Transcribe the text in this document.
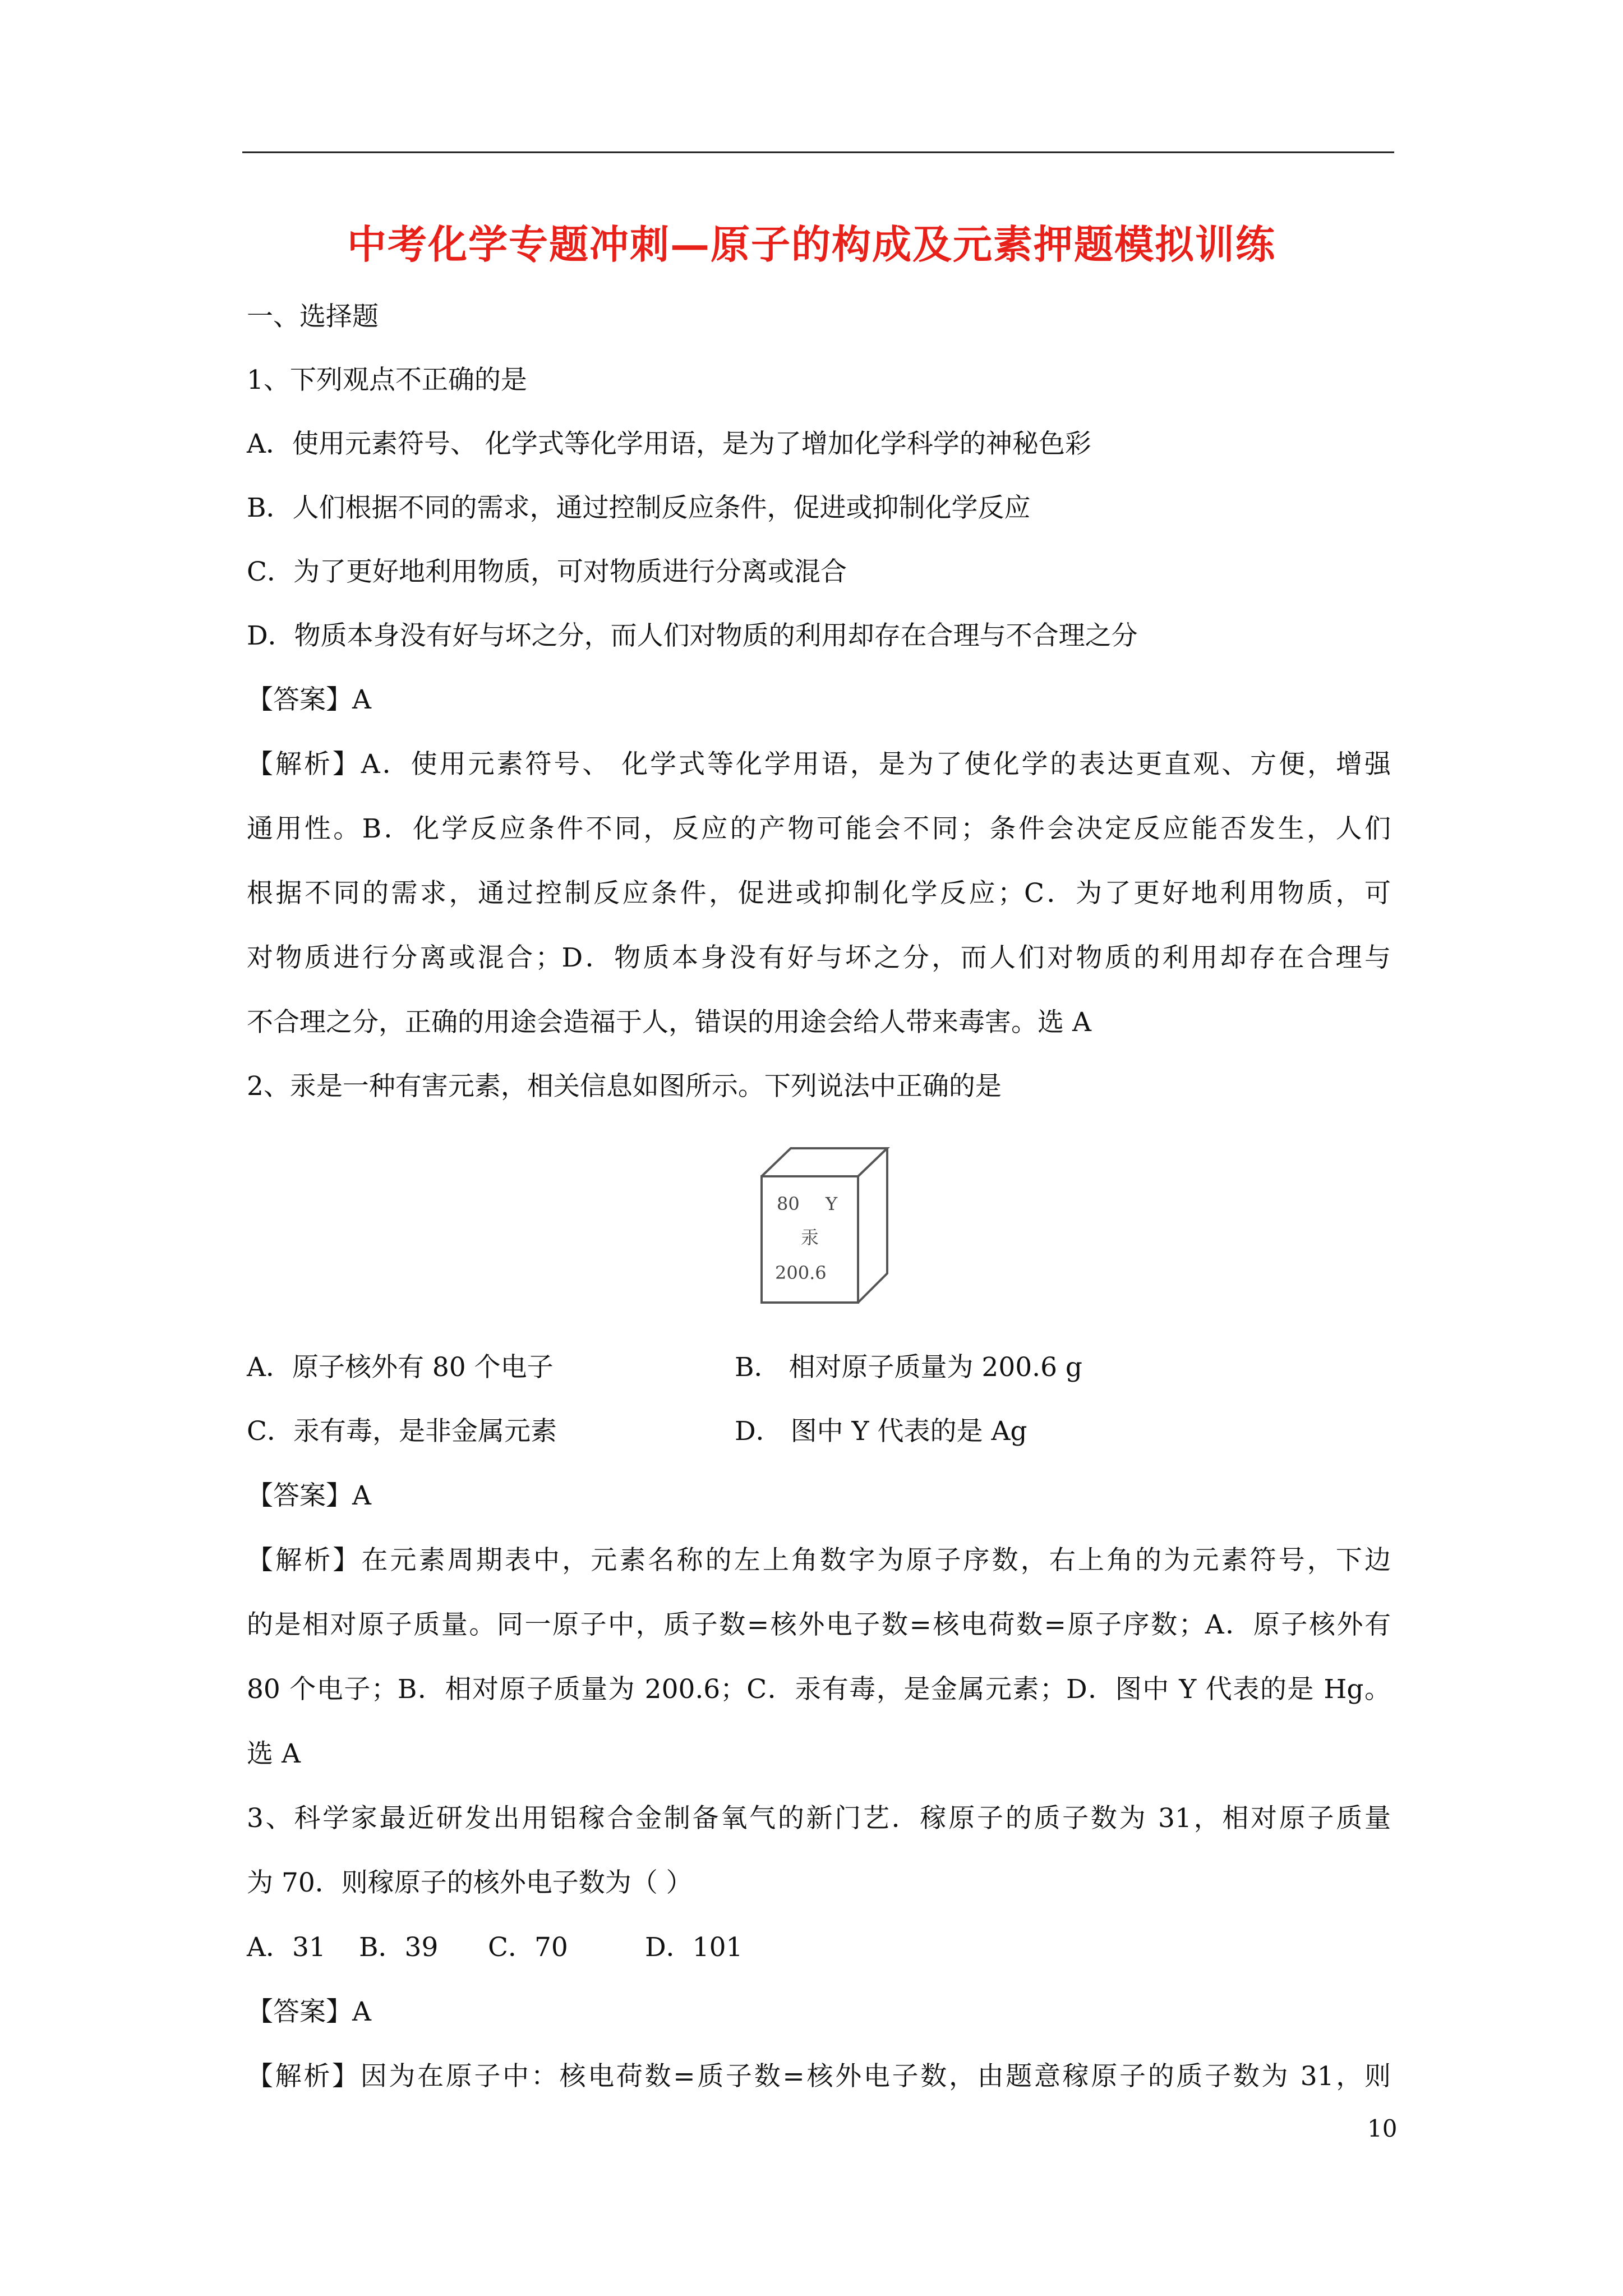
中考化学专题冲刺—原子的构成及元素押题模拟训练
一、选择题
1、下列观点不正确的是
A．使用元素符号、 化学式等化学用语，是为了增加化学科学的神秘色彩
B．人们根据不同的需求，通过控制反应条件，促进或抑制化学反应
C．为了更好地利用物质，可对物质进行分离或混合
D．物质本身没有好与坏之分，而人们对物质的利用却存在合理与不合理之分
【答案】A
【解析】A．使用元素符号、 化学式等化学用语，是为了使化学的表达更直观、方便，增强
通用性。B．化学反应条件不同，反应的产物可能会不同；条件会决定反应能否发生，人们
根据不同的需求，通过控制反应条件，促进或抑制化学反应；C．为了更好地利用物质，可
对物质进行分离或混合；D．物质本身没有好与坏之分，而人们对物质的利用却存在合理与
不合理之分，正确的用途会造福于人，错误的用途会给人带来毒害。选 A
2、汞是一种有害元素，相关信息如图所示。下列说法中正确的是
80 Y
汞
200.6
A．原子核外有 80 个电子	B． 相对原子质量为 200.6 g
C．汞有毒，是非金属元素	D． 图中 Y 代表的是 Ag
【答案】A
【解析】在元素周期表中，元素名称的左上角数字为原子序数，右上角的为元素符号，下边
的是相对原子质量。同一原子中，质子数=核外电子数=核电荷数=原子序数；A．原子核外有
80 个电子；B．相对原子质量为 200.6；C．汞有毒，是金属元素；D．图中 Y 代表的是 Hg。
选 A
3、科学家最近研发出用铝稼合金制备氧气的新门艺．稼原子的质子数为 31，相对原子质量
为 70．则稼原子的核外电子数为（ ）
A．31 B．39 C．70	D．101
【答案】A
【解析】因为在原子中：核电荷数=质子数=核外电子数，由题意稼原子的质子数为 31，则
10
